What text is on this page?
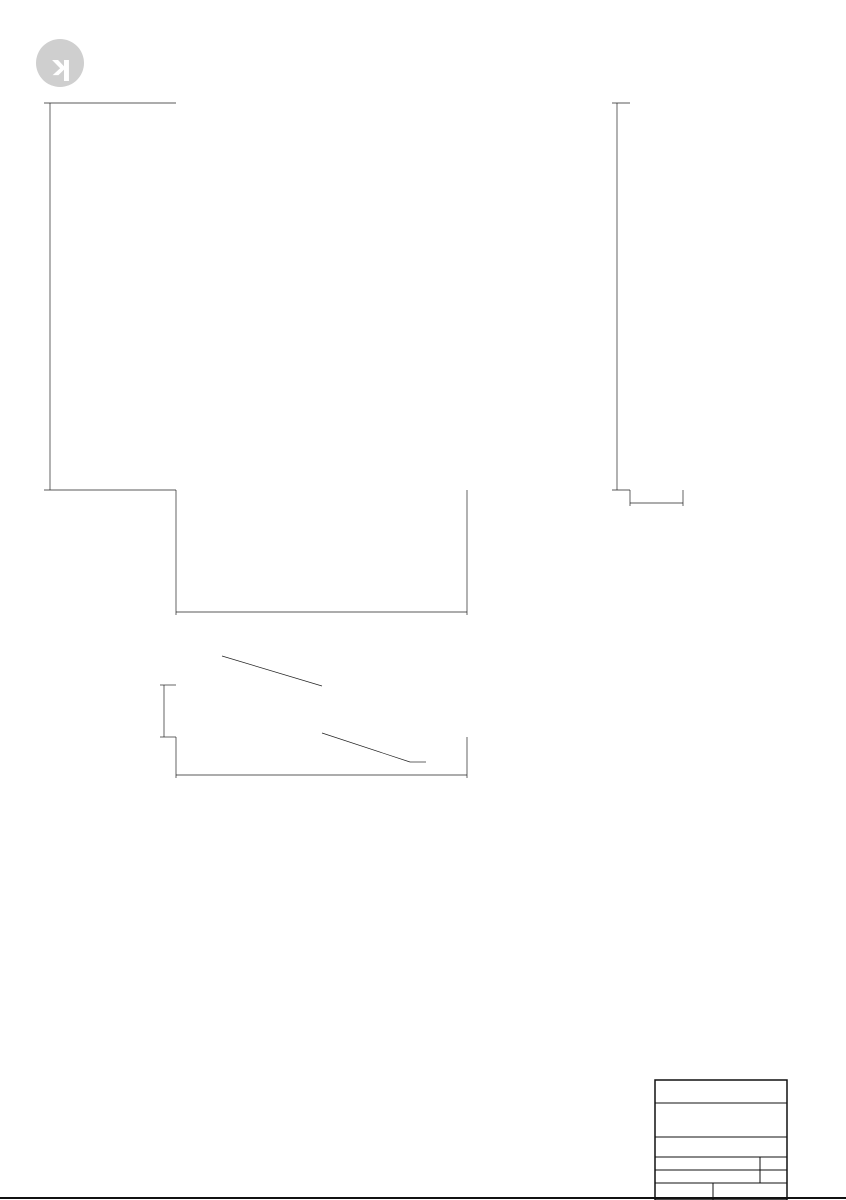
ʞ
